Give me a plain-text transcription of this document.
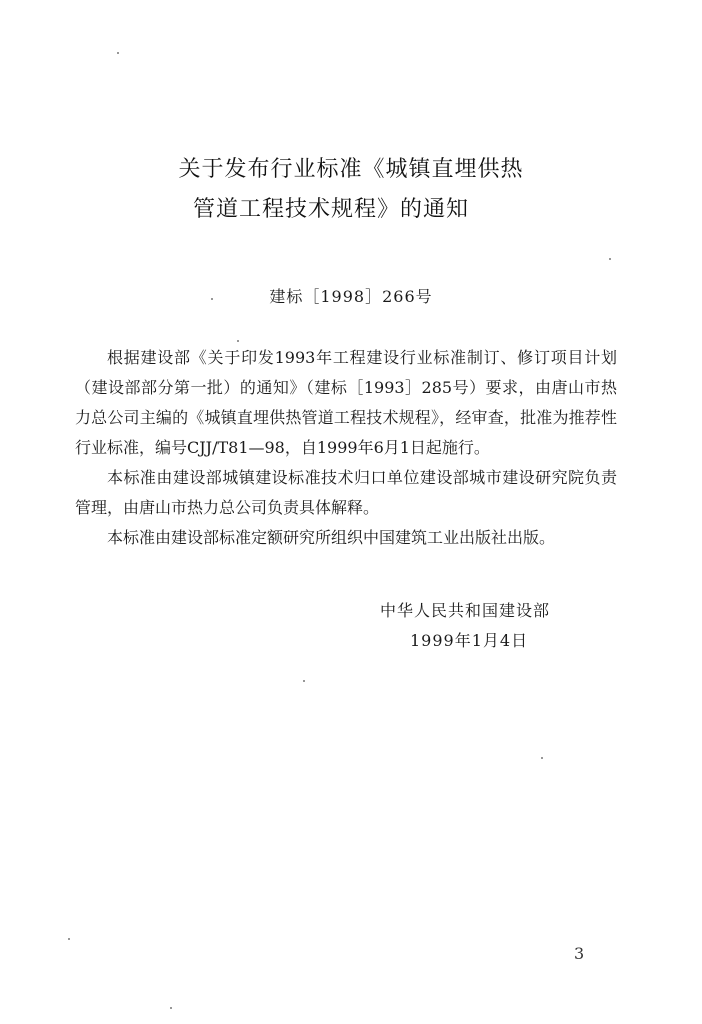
关于发布行业标准《城镇直埋供热
管道工程技术规程》的通知
建标［1998］266号

根据建设部《关于印发1993年工程建设行业标准制订、修订项目计划（建设部部分第一批）的通知》（建标［1993］285号）要求，由唐山市热力总公司主编的《城镇直埋供热管道工程技术规程》，经审查，批准为推荐性行业标准，编号CJJ/T81—98，自1999年6月1日起施行。

本标准由建设部城镇建设标准技术归口单位建设部城市建设研究院负责管理，由唐山市热力总公司负责具体解释。

本标准由建设部标准定额研究所组织中国建筑工业出版社出版。

中华人民共和国建设部
1999年1月4日
3
